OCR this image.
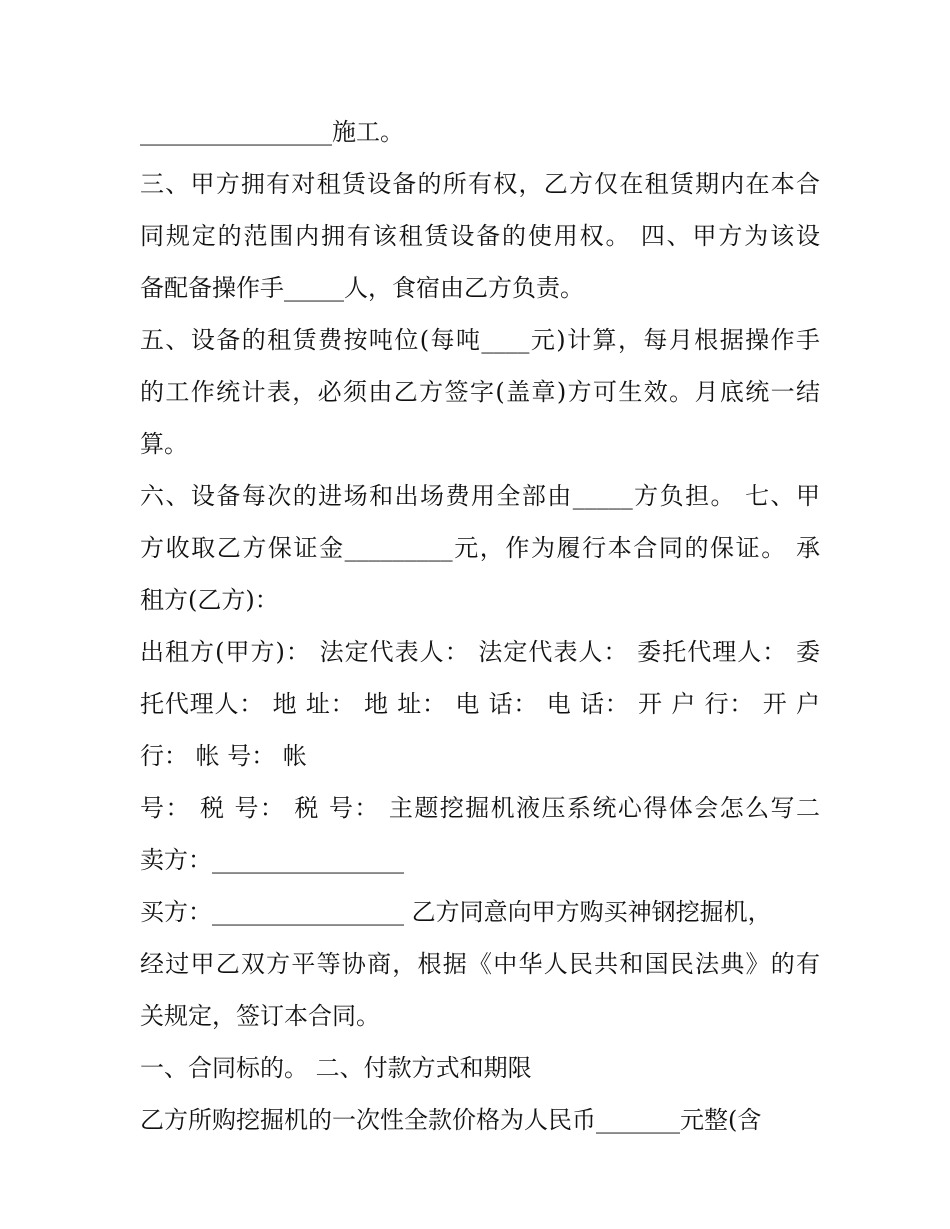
________________施工。

三、甲方拥有对租赁设备的所有权，乙方仅在租赁期内在本合
同规定的范围内拥有该租赁设备的使用权。 四、甲方为该设
备配备操作手_____人，食宿由乙方负责。

五、设备的租赁费按吨位(每吨____元)计算，每月根据操作手
的工作统计表，必须由乙方签字(盖章)方可生效。月底统一结
算。

六、设备每次的进场和出场费用全部由_____方负担。 七、甲
方收取乙方保证金_________元，作为履行本合同的保证。 承
租方(乙方)：

出租方(甲方)： 法定代表人： 法定代表人： 委托代理人： 委
托代理人： 地 址： 地 址： 电 话： 电 话： 开 户 行： 开 户
行： 帐 号： 帐

号： 税 号： 税 号： 主题挖掘机液压系统心得体会怎么写二
卖方：________________

买方：________________ 乙方同意向甲方购买神钢挖掘机，
经过甲乙双方平等协商，根据《中华人民共和国民法典》的有
关规定，签订本合同。

一、合同标的。 二、付款方式和期限

乙方所购挖掘机的一次性全款价格为人民币_______元整(含
